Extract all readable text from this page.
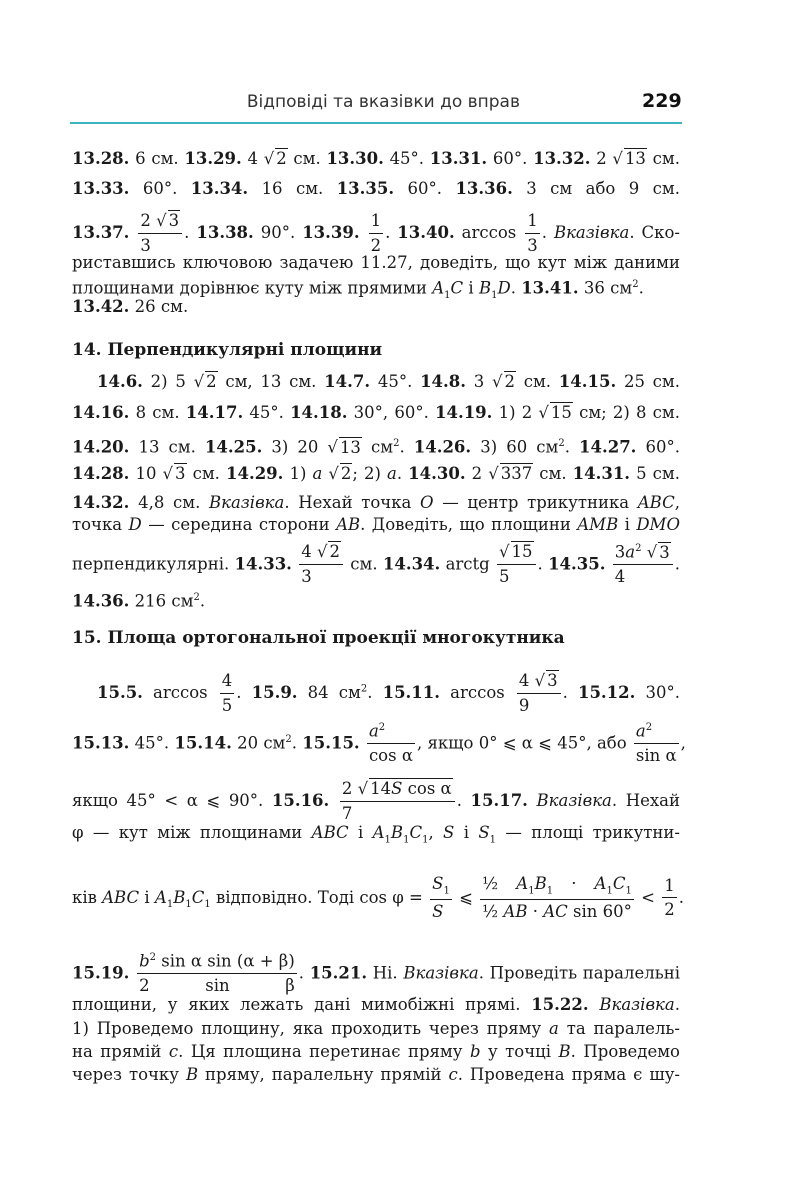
Відповіді та вказівки до вправ	229
14. Перпендикулярні площини
15. Площа ортогональної проекції многокутника
13.28. 6 см. 13.29. 4 √ 2 см. 13.30. 45°. 13.31. 60°. 13.32. 2 √ 13 см.
13.33. 60°. 13.34. 16 см. 13.35. 60°. 13.36. 3 см або 9 см.
13.37. $\frac{2 √ 3}{3}$ . 13.38. 90°. 13.39. $\frac{1}{2}$ . 13.40. $\arccos \frac{1}{3}$ . Вказівка. Ско-
риставшись ключовою задачею 11.27, доведіть, що кут між даними
площинами дорівнює куту між прямими $A_1C$ і $B_1D$. 13.41. 36 $см^2$.
13.42. 26 см.
14.6. 2) 5 √ 2 см, 13 см. 14.7. 45°. 14.8. 3 √ 2 см. 14.15. 25 см.
14.16. 8 см. 14.17. 45°. 14.18. 30°, 60°. 14.19. 1) 2 √ 15 см; 2) 8 см.
14.20. 13 см. 14.25. 3) 20 √ 13 $см^2$. 14.26. 3) 60 $см^2$. 14.27. 60°.
14.28. 10 √ 3 см. 14.29. 1) a √ 2; 2) a. 14.30. 2 √ 337 см. 14.31. 5 см.
14.32. 4,8 см. Вказівка. Нехай точка O — центр трикутника ABC,
точка D — середина сторони AB. Доведіть, що площини AMB і DMO
перпендикулярні. 14.33. $\frac{4 √ 2}{3}$ см. 14.34. arctg $\frac{√ 15}{5}$ . 14.35. $\frac{3a^2 √ 3}{4}$ .
14.36. 216 $см^2$.
15.5. $\arccos \frac{4}{5}$ . 15.9. 84 $см^2$. 15.11. $\arccos \frac{4 √ 3}{9}$ . 15.12. 30°.
15.13. 45°. 15.14. 20 $см^2$. 15.15. $\frac{a^2}{\text{cos α}}$ , якщо 0° ⩽ α ⩽ 45°, або $\frac{a^2}{\text{sin α}}$ ,
якщо 45° < α ⩽ 90°. 15.16. $\frac{\text{2 √ 14S cos α}}{7}$ . 15.17. Вказівка. Нехай
φ — кут між площинами ABC і $A_1B_1C_1$, S і $S_1$ — площі трикутни-
ків ABC і $A_1B_1C_1$ відповідно. Тоді $\cos \varphi = \frac{S_1}{S}$ ⩽ $\frac{\frac{1}{2} A_1B_1 \cdot A_1C_1}{\text{½ AB · AC sin 60°}} < \frac{1}{2}$ .
15.19. $\frac{b^2 \sin \alpha \sin (\alpha + \beta)}{\text{2 sin β}}$ . 15.21. Ні. Вказівка. Проведіть паралельні
площини, у яких лежать дані мимобіжні прямі. 15.22. Вказівка.
1) Проведемо площину, яка проходить через пряму a та паралель-
на прямій c. Ця площина перетинає пряму b у точці B. Проведемо
через точку B пряму, паралельну прямій c. Проведена пряма є шу-
